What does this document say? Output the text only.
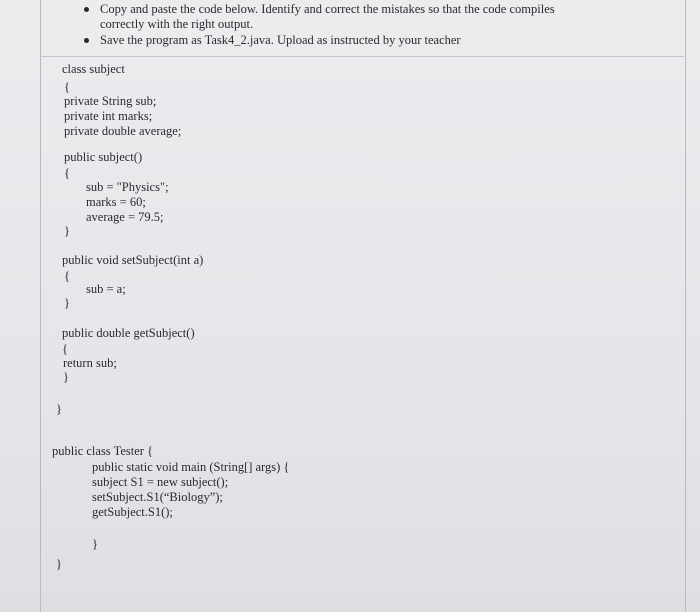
Copy and paste the code below. Identify and correct the mistakes so that the code compiles correctly with the right output.
Save the program as Task4_2.java. Upload as instructed by your teacher
class subject
{
private String sub;
private int marks;
private double average;
public subject()
{
sub = "Physics";
marks = 60;
average = 79.5;
}
public void setSubject(int a)
{
sub = a;
}
public double getSubject()
{
return sub;
}
}
public class Tester {
public static void main (String[] args) {
subject S1 = new subject();
setSubject.S1(“Biology”);
getSubject.S1();
}
}
